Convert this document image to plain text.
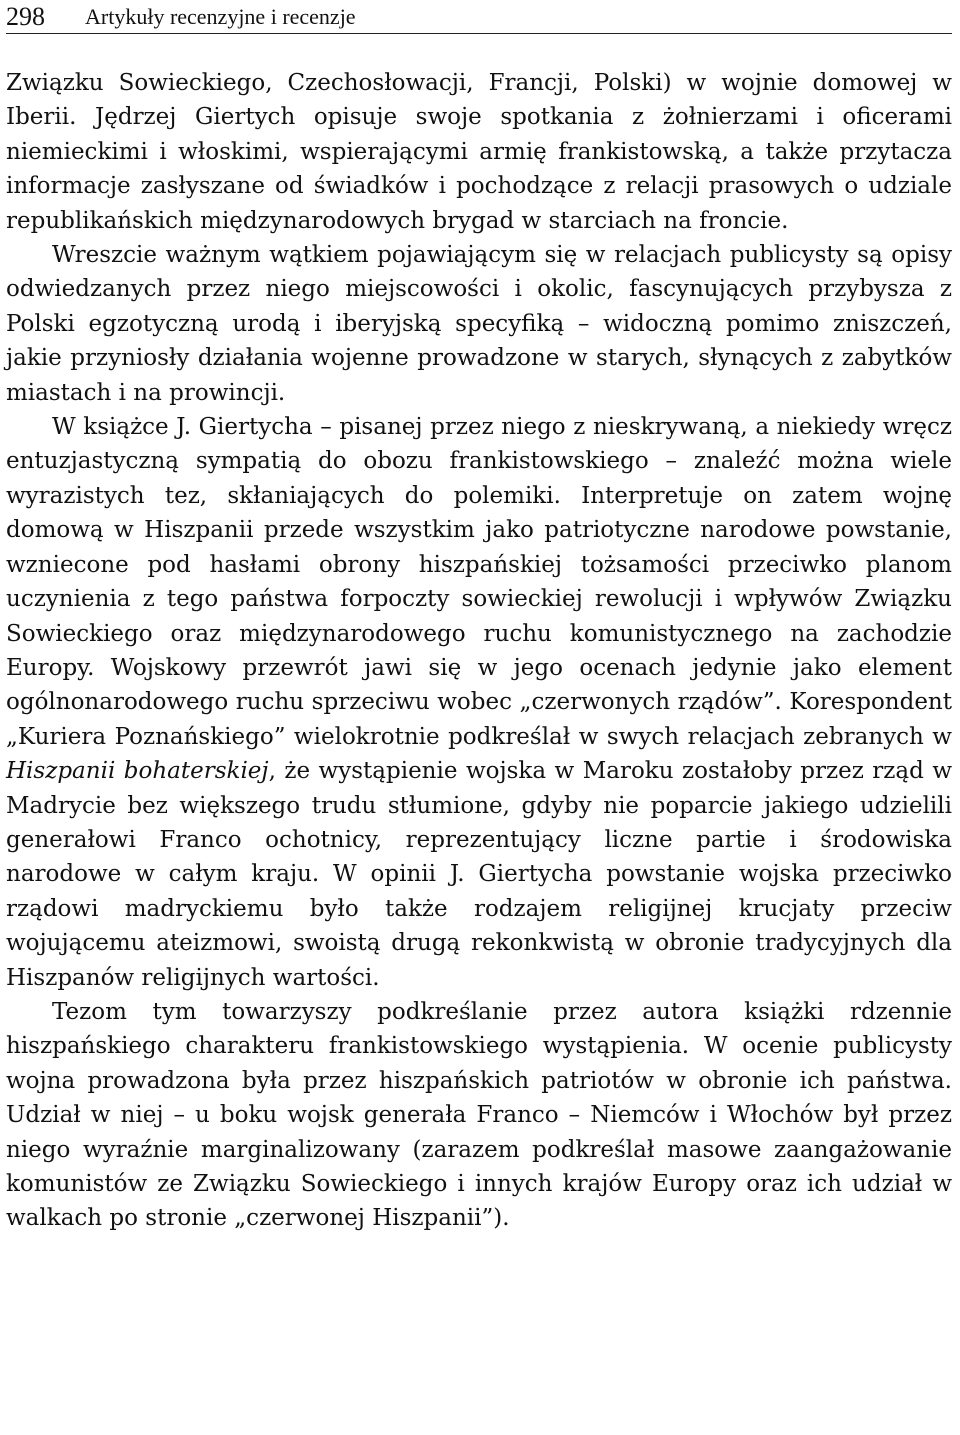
298 Artykuły recenzyjne i recenzje

Związku Sowieckiego, Czechosłowacji, Francji, Polski) w wojnie domowej w Iberii. Jędrzej Giertych opisuje swoje spotkania z żołnierzami i oficerami niemieckimi i włoskimi, wspierającymi armię frankistowską, a także przytacza informacje zasłyszane od świadków i pochodzące z relacji prasowych o udziale republikańskich międzynarodowych brygad w starciach na froncie.

Wreszcie ważnym wątkiem pojawiającym się w relacjach publicysty są opisy odwiedzanych przez niego miejscowości i okolic, fascynujących przybysza z Polski egzotyczną urodą i iberyjską specyfiką – widoczną pomimo zniszczeń, jakie przyniosły działania wojenne prowadzone w starych, słynących z zabytków miastach i na prowincji.

W książce J. Giertycha – pisanej przez niego z nieskrywaną, a niekiedy wręcz entuzjastyczną sympatią do obozu frankistowskiego – znaleźć można wiele wyrazistych tez, skłaniających do polemiki. Interpretuje on zatem wojnę domową w Hiszpanii przede wszystkim jako patriotyczne narodowe powstanie, wzniecone pod hasłami obrony hiszpańskiej tożsamości przeciwko planom uczynienia z tego państwa forpoczty sowieckiej rewolucji i wpływów Związku Sowieckiego oraz międzynarodowego ruchu komunistycznego na zachodzie Europy. Wojskowy przewrót jawi się w jego ocenach jedynie jako element ogólnonarodowego ruchu sprzeciwu wobec „czerwonych rządów”. Korespondent „Kuriera Poznańskiego” wielokrotnie podkreślał w swych relacjach zebranych w Hiszpanii bohaterskiej, że wystąpienie wojska w Maroku zostałoby przez rząd w Madrycie bez większego trudu stłumione, gdyby nie poparcie jakiego udzielili generałowi Franco ochotnicy, reprezentujący liczne partie i środowiska narodowe w całym kraju. W opinii J. Giertycha powstanie wojska przeciwko rządowi madryckiemu było także rodzajem religijnej krucjaty przeciw wojującemu ateizmowi, swoistą drugą rekonkwistą w obronie tradycyjnych dla Hiszpanów religijnych wartości.

Tezom tym towarzyszy podkreślanie przez autora książki rdzennie hiszpańskiego charakteru frankistowskiego wystąpienia. W ocenie publicysty wojna prowadzona była przez hiszpańskich patriotów w obronie ich państwa. Udział w niej – u boku wojsk generała Franco – Niemców i Włochów był przez niego wyraźnie marginalizowany (zarazem podkreślał masowe zaangażowanie komunistów ze Związku Sowieckiego i innych krajów Europy oraz ich udział w walkach po stronie „czerwonej Hiszpanii”).
